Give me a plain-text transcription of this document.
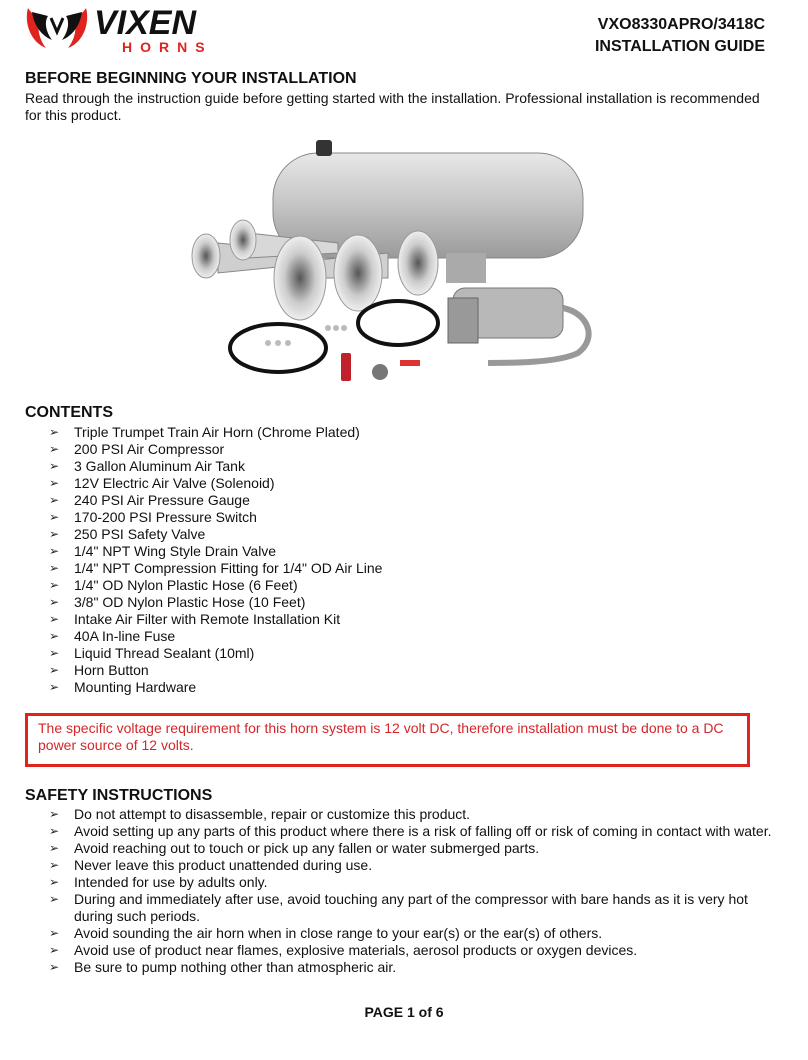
VIXEN
HORNS
VXO8330APRO/3418C
INSTALLATION GUIDE
BEFORE BEGINNING YOUR INSTALLATION
Read through the instruction guide before getting started with the installation. Professional installation is recommended for this product.
CONTENTS
➢ Triple Trumpet Train Air Horn (Chrome Plated)
➢ 200 PSI Air Compressor
➢ 3 Gallon Aluminum Air Tank
➢ 12V Electric Air Valve (Solenoid)
➢ 240 PSI Air Pressure Gauge
➢ 170-200 PSI Pressure Switch
➢ 250 PSI Safety Valve
➢ 1/4" NPT Wing Style Drain Valve
➢ 1/4" NPT Compression Fitting for 1/4" OD Air Line
➢ 1/4" OD Nylon Plastic Hose (6 Feet)
➢ 3/8" OD Nylon Plastic Hose (10 Feet)
➢ Intake Air Filter with Remote Installation Kit
➢ 40A In-line Fuse
➢ Liquid Thread Sealant (10ml)
➢ Horn Button
➢ Mounting Hardware
The specific voltage requirement for this horn system is 12 volt DC, therefore installation must be done to a DC power source of 12 volts.
SAFETY INSTRUCTIONS
➢ Do not attempt to disassemble, repair or customize this product.
➢ Avoid setting up any parts of this product where there is a risk of falling off or risk of coming in contact with water.
➢ Avoid reaching out to touch or pick up any fallen or water submerged parts.
➢ Never leave this product unattended during use.
➢ Intended for use by adults only.
➢ During and immediately after use, avoid touching any part of the compressor with bare hands as it is very hot during such periods.
➢ Avoid sounding the air horn when in close range to your ear(s) or the ear(s) of others.
➢ Avoid use of product near flames, explosive materials, aerosol products or oxygen devices.
➢ Be sure to pump nothing other than atmospheric air.
PAGE 1 of 6
